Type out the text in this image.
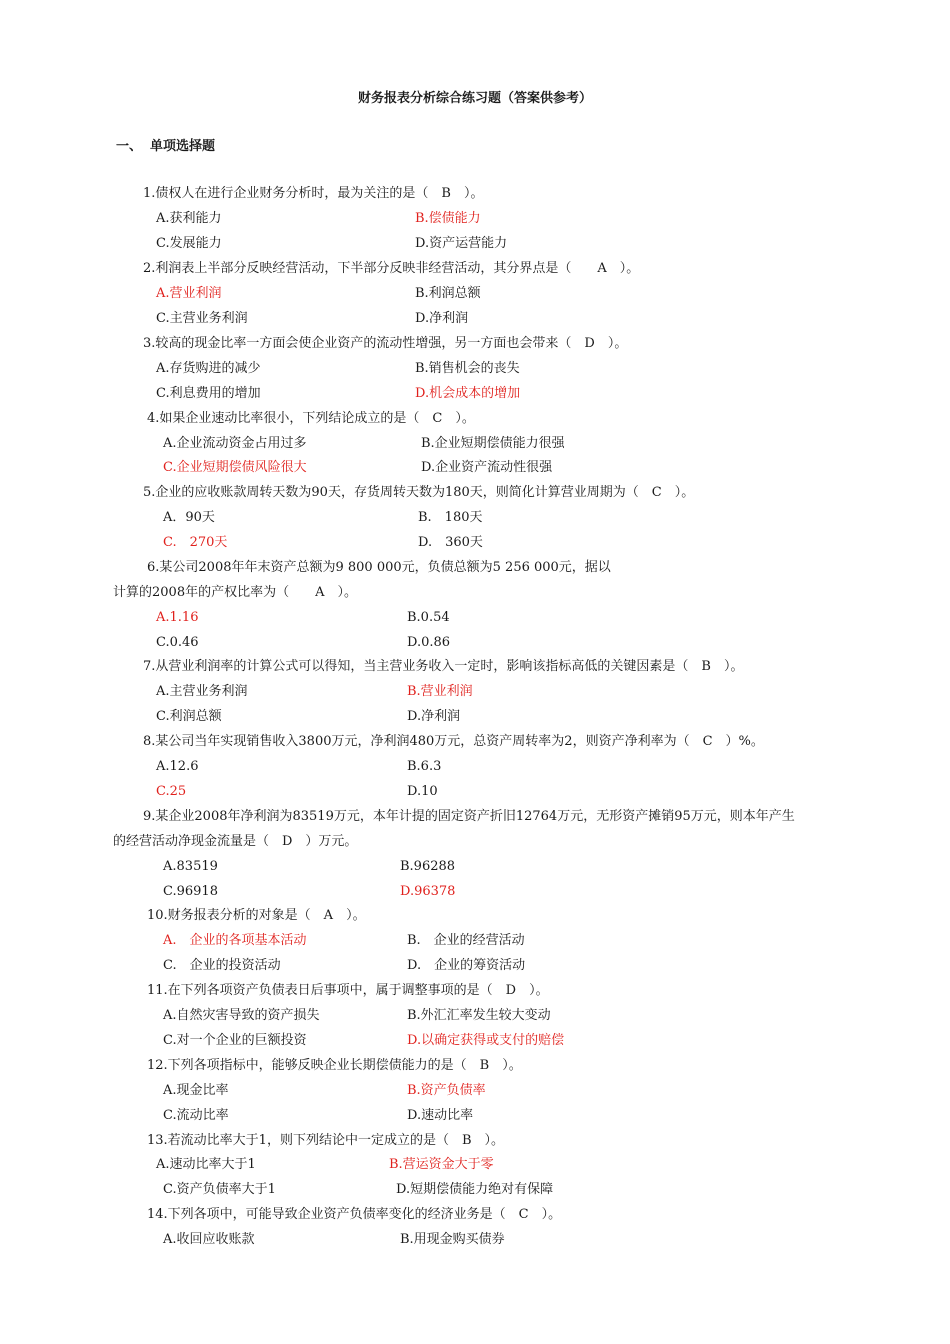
财务报表分析综合练习题（答案供参考）
一、 单项选择题
1.债权人在进行企业财务分析时，最为关注的是（　B　）。
A.获利能力	B.偿债能力
C.发展能力	D.资产运营能力
2.利润表上半部分反映经营活动，下半部分反映非经营活动，其分界点是（　　A　）。
A.营业利润	B.利润总额
C.主营业务利润	D.净利润
3.较高的现金比率一方面会使企业资产的流动性增强，另一方面也会带来（　D　）。
A.存货购进的减少	B.销售机会的丧失
C.利息费用的增加	D.机会成本的增加
4.如果企业速动比率很小，下列结论成立的是（　C　）。
A.企业流动资金占用过多	B.企业短期偿债能力很强
C.企业短期偿债风险很大	D.企业资产流动性很强
5.企业的应收账款周转天数为90天，存货周转天数为180天，则简化计算营业周期为（　C　）。
A．90天	B.　180天
C.　270天	D.　360天
6.某公司2008年年末资产总额为9 800 000元，负债总额为5 256 000元，据以
计算的2008年的产权比率为（　　A　）。
A.1.16	B.0.54
C.0.46	D.0.86
7.从营业利润率的计算公式可以得知，当主营业务收入一定时，影响该指标高低的关键因素是（　B　）。
A.主营业务利润	B.营业利润
C.利润总额	D.净利润
8.某公司当年实现销售收入3800万元，净利润480万元，总资产周转率为2，则资产净利率为（　C　）%。
A.12.6	B.6.3
C.25	D.10
9.某企业2008年净利润为83519万元，本年计提的固定资产折旧12764万元，无形资产摊销95万元，则本年产生
的经营活动净现金流量是（　D　）万元。
A.83519	B.96288
C.96918	D.96378
10.财务报表分析的对象是（　A　）。
A.　企业的各项基本活动	B.　企业的经营活动
C.　企业的投资活动	D.　企业的筹资活动
11.在下列各项资产负债表日后事项中，属于调整事项的是（　D　）。
A.自然灾害导致的资产损失	B.外汇汇率发生较大变动
C.对一个企业的巨额投资	D.以确定获得或支付的赔偿
12.下列各项指标中，能够反映企业长期偿债能力的是（　B　）。
A.现金比率	B.资产负债率
C.流动比率	D.速动比率
13.若流动比率大于1，则下列结论中一定成立的是（　B　）。
A.速动比率大于1	B.营运资金大于零
C.资产负债率大于1	D.短期偿债能力绝对有保障
14.下列各项中，可能导致企业资产负债率变化的经济业务是（　C　）。
A.收回应收账款	B.用现金购买债券
